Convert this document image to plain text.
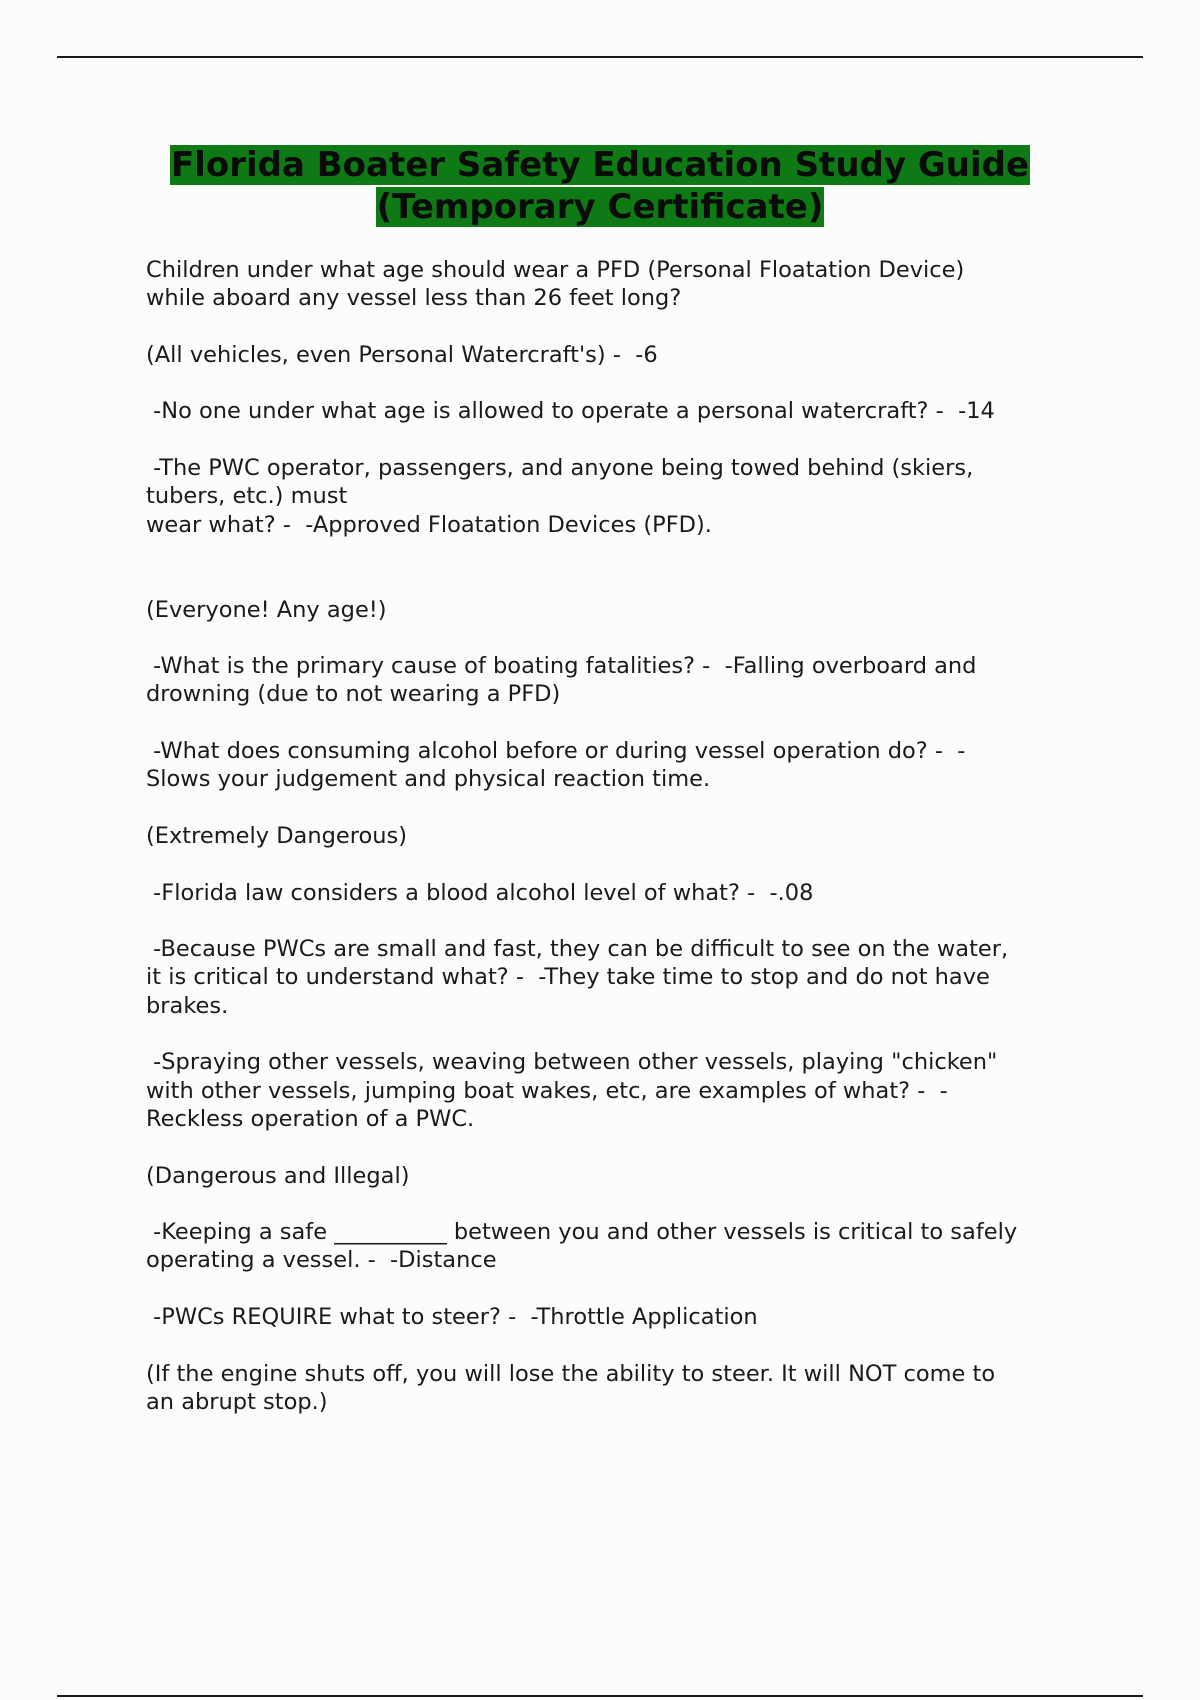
Florida Boater Safety Education Study Guide
(Temporary Certificate)

Children under what age should wear a PFD (Personal Floatation Device)
while aboard any vessel less than 26 feet long?

(All vehicles, even Personal Watercraft's) -  -6

-No one under what age is allowed to operate a personal watercraft? -  -14

-The PWC operator, passengers, and anyone being towed behind (skiers,
tubers, etc.) must
wear what? -  -Approved Floatation Devices (PFD).

(Everyone! Any age!)

-What is the primary cause of boating fatalities? -  -Falling overboard and
drowning (due to not wearing a PFD)

-What does consuming alcohol before or during vessel operation do? -  -
Slows your judgement and physical reaction time.

(Extremely Dangerous)

-Florida law considers a blood alcohol level of what? -  -.08

-Because PWCs are small and fast, they can be difficult to see on the water,
it is critical to understand what? -  -They take time to stop and do not have
brakes.

-Spraying other vessels, weaving between other vessels, playing "chicken"
with other vessels, jumping boat wakes, etc, are examples of what? -  -
Reckless operation of a PWC.

(Dangerous and Illegal)

-Keeping a safe __________ between you and other vessels is critical to safely
operating a vessel. -  -Distance

-PWCs REQUIRE what to steer? -  -Throttle Application

(If the engine shuts off, you will lose the ability to steer. It will NOT come to
an abrupt stop.)
